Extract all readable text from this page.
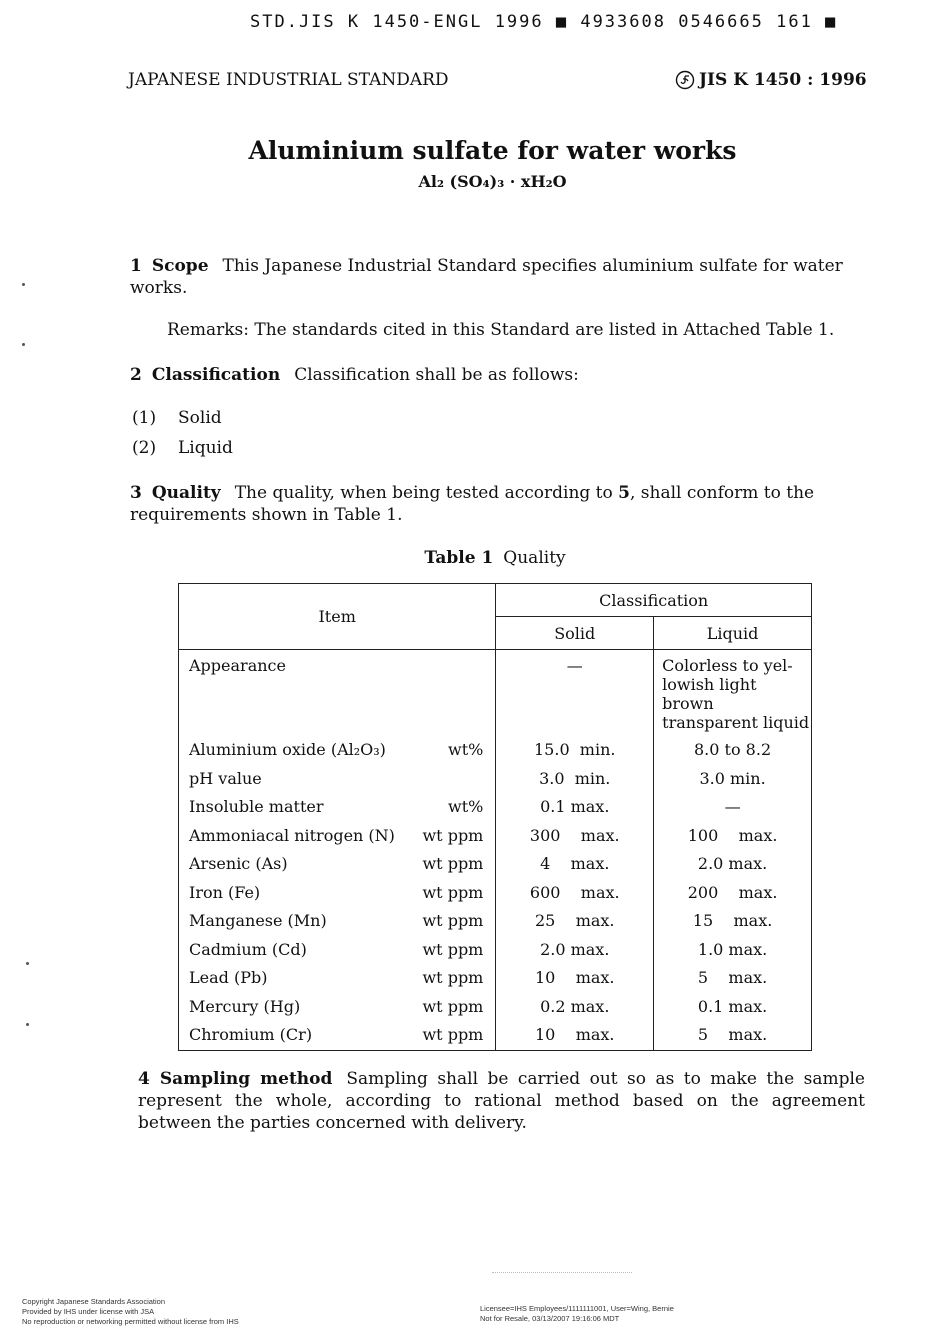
STD.JIS K 1450-ENGL 1996 ■ 4933608 0546665 161 ■
JAPANESE INDUSTRIAL STANDARD	JIS K 1450 : 1996
Aluminium sulfate for water works
Al₂ (SO₄)₃ · xH₂O
1 Scope This Japanese Industrial Standard specifies aluminium sulfate for water works.
Remarks: The standards cited in this Standard are listed in Attached Table 1.
2 Classification Classification shall be as follows:
(1) Solid
(2) Liquid
3 Quality The quality, when being tested according to 5, shall conform to the requirements shown in Table 1.
Table 1 Quality
Item	Classification	
	Solid	Liquid
Appearance	—	Colorless to yel-
lowish light brown
transparent liquid

Aluminium oxide (Al₂O₃) wt%	15.0  min.	8.0 to 8.2
pH value	3.0  min.	3.0 min.
Insoluble matter wt%	0.1 max.	—
Ammoniacal nitrogen (N) wt ppm	300    max.	100    max.
Arsenic (As) wt ppm	4    max.	2.0 max.
Iron (Fe) wt ppm	600    max.	200    max.
Manganese (Mn) wt ppm	25    max.	15    max.
Cadmium (Cd) wt ppm	2.0 max.	1.0 max.
Lead (Pb) wt ppm	10    max.	5    max.
Mercury (Hg) wt ppm	0.2 max.	0.1 max.
Chromium (Cr) wt ppm	10    max.	5    max.
4 Sampling method Sampling shall be carried out so as to make the sample represent the whole, according to rational method based on the agreement between the parties concerned with delivery.
Copyright Japanese Standards Association
Provided by IHS under license with JSA
No reproduction or networking permitted without license from IHS
Licensee=IHS Employees/1111111001, User=Wing, Bernie
Not for Resale, 03/13/2007 19:16:06 MDT
